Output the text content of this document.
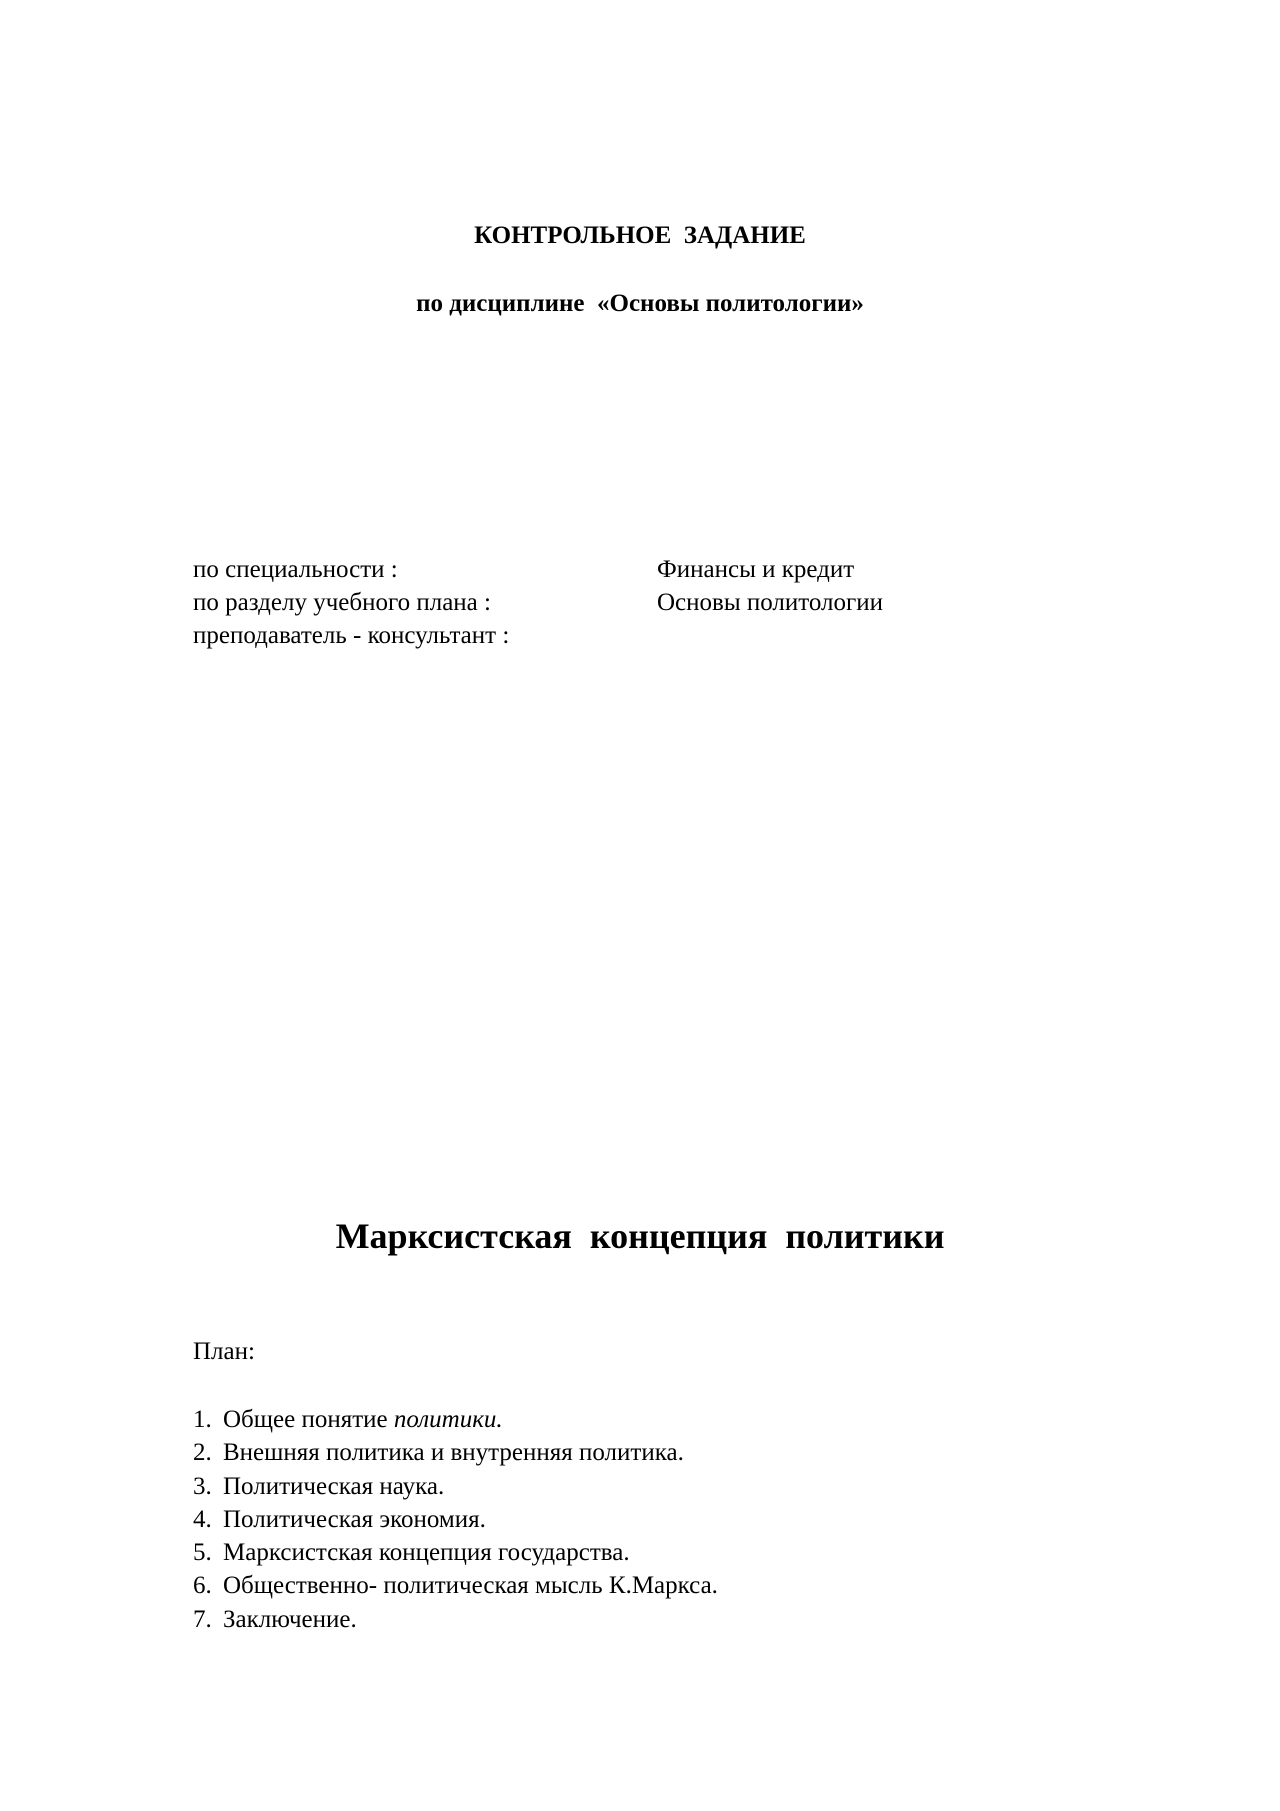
КОНТРОЛЬНОЕ  ЗАДАНИЕ
по дисциплине  «Основы политологии»
по специальности :	Финансы и кредит
по разделу учебного плана :	Основы политологии
преподаватель - консультант :
Марксистская  концепция  политики
План:
1. Общее понятие политики.
2. Внешняя политика и внутренняя политика.
3. Политическая наука.
4. Политическая экономия.
5. Марксистская концепция государства.
6. Общественно- политическая мысль К.Маркса.
7. Заключение.
